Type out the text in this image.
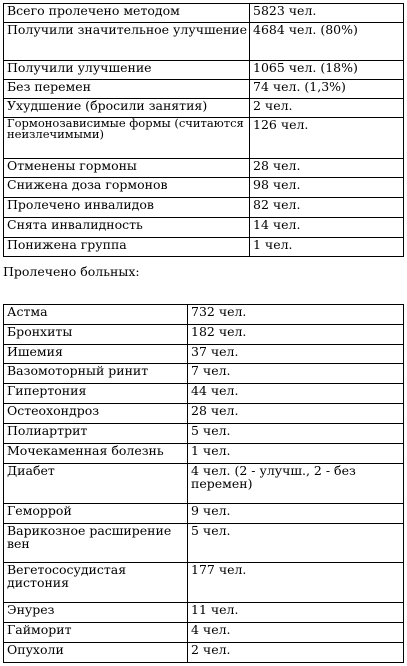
Всего пролечено методом	5823 чел.
Получили значительное улучшение	4684 чел. (80%)
Получили улучшение	1065 чел. (18%)
Без перемен	74 чел. (1,3%)
Ухудшение (бросили занятия)	2 чел.
Гормонозависимые формы (считаются неизлечимыми)	126 чел.
Отменены гормоны	28 чел.
Снижена доза гормонов	98 чел.
Пролечено инвалидов	82 чел.
Снята инвалидность	14 чел.
Понижена группа	1 чел.
Пролечено больных:
Астма	732 чел.
Бронхиты	182 чел.
Ишемия	37 чел.
Вазомоторный ринит	7 чел.
Гипертония	44 чел.
Остеохондроз	28 чел.
Полиартрит	5 чел.
Мочекаменная болезнь	1 чел.
Диабет	4 чел. (2 - улучш., 2 - без перемен)
Геморрой	9 чел.
Варикозное расширение вен	5 чел.
Вегетососудистая дистония	177 чел.
Энурез	11 чел.
Гайморит	4 чел.
Опухоли	2 чел.
